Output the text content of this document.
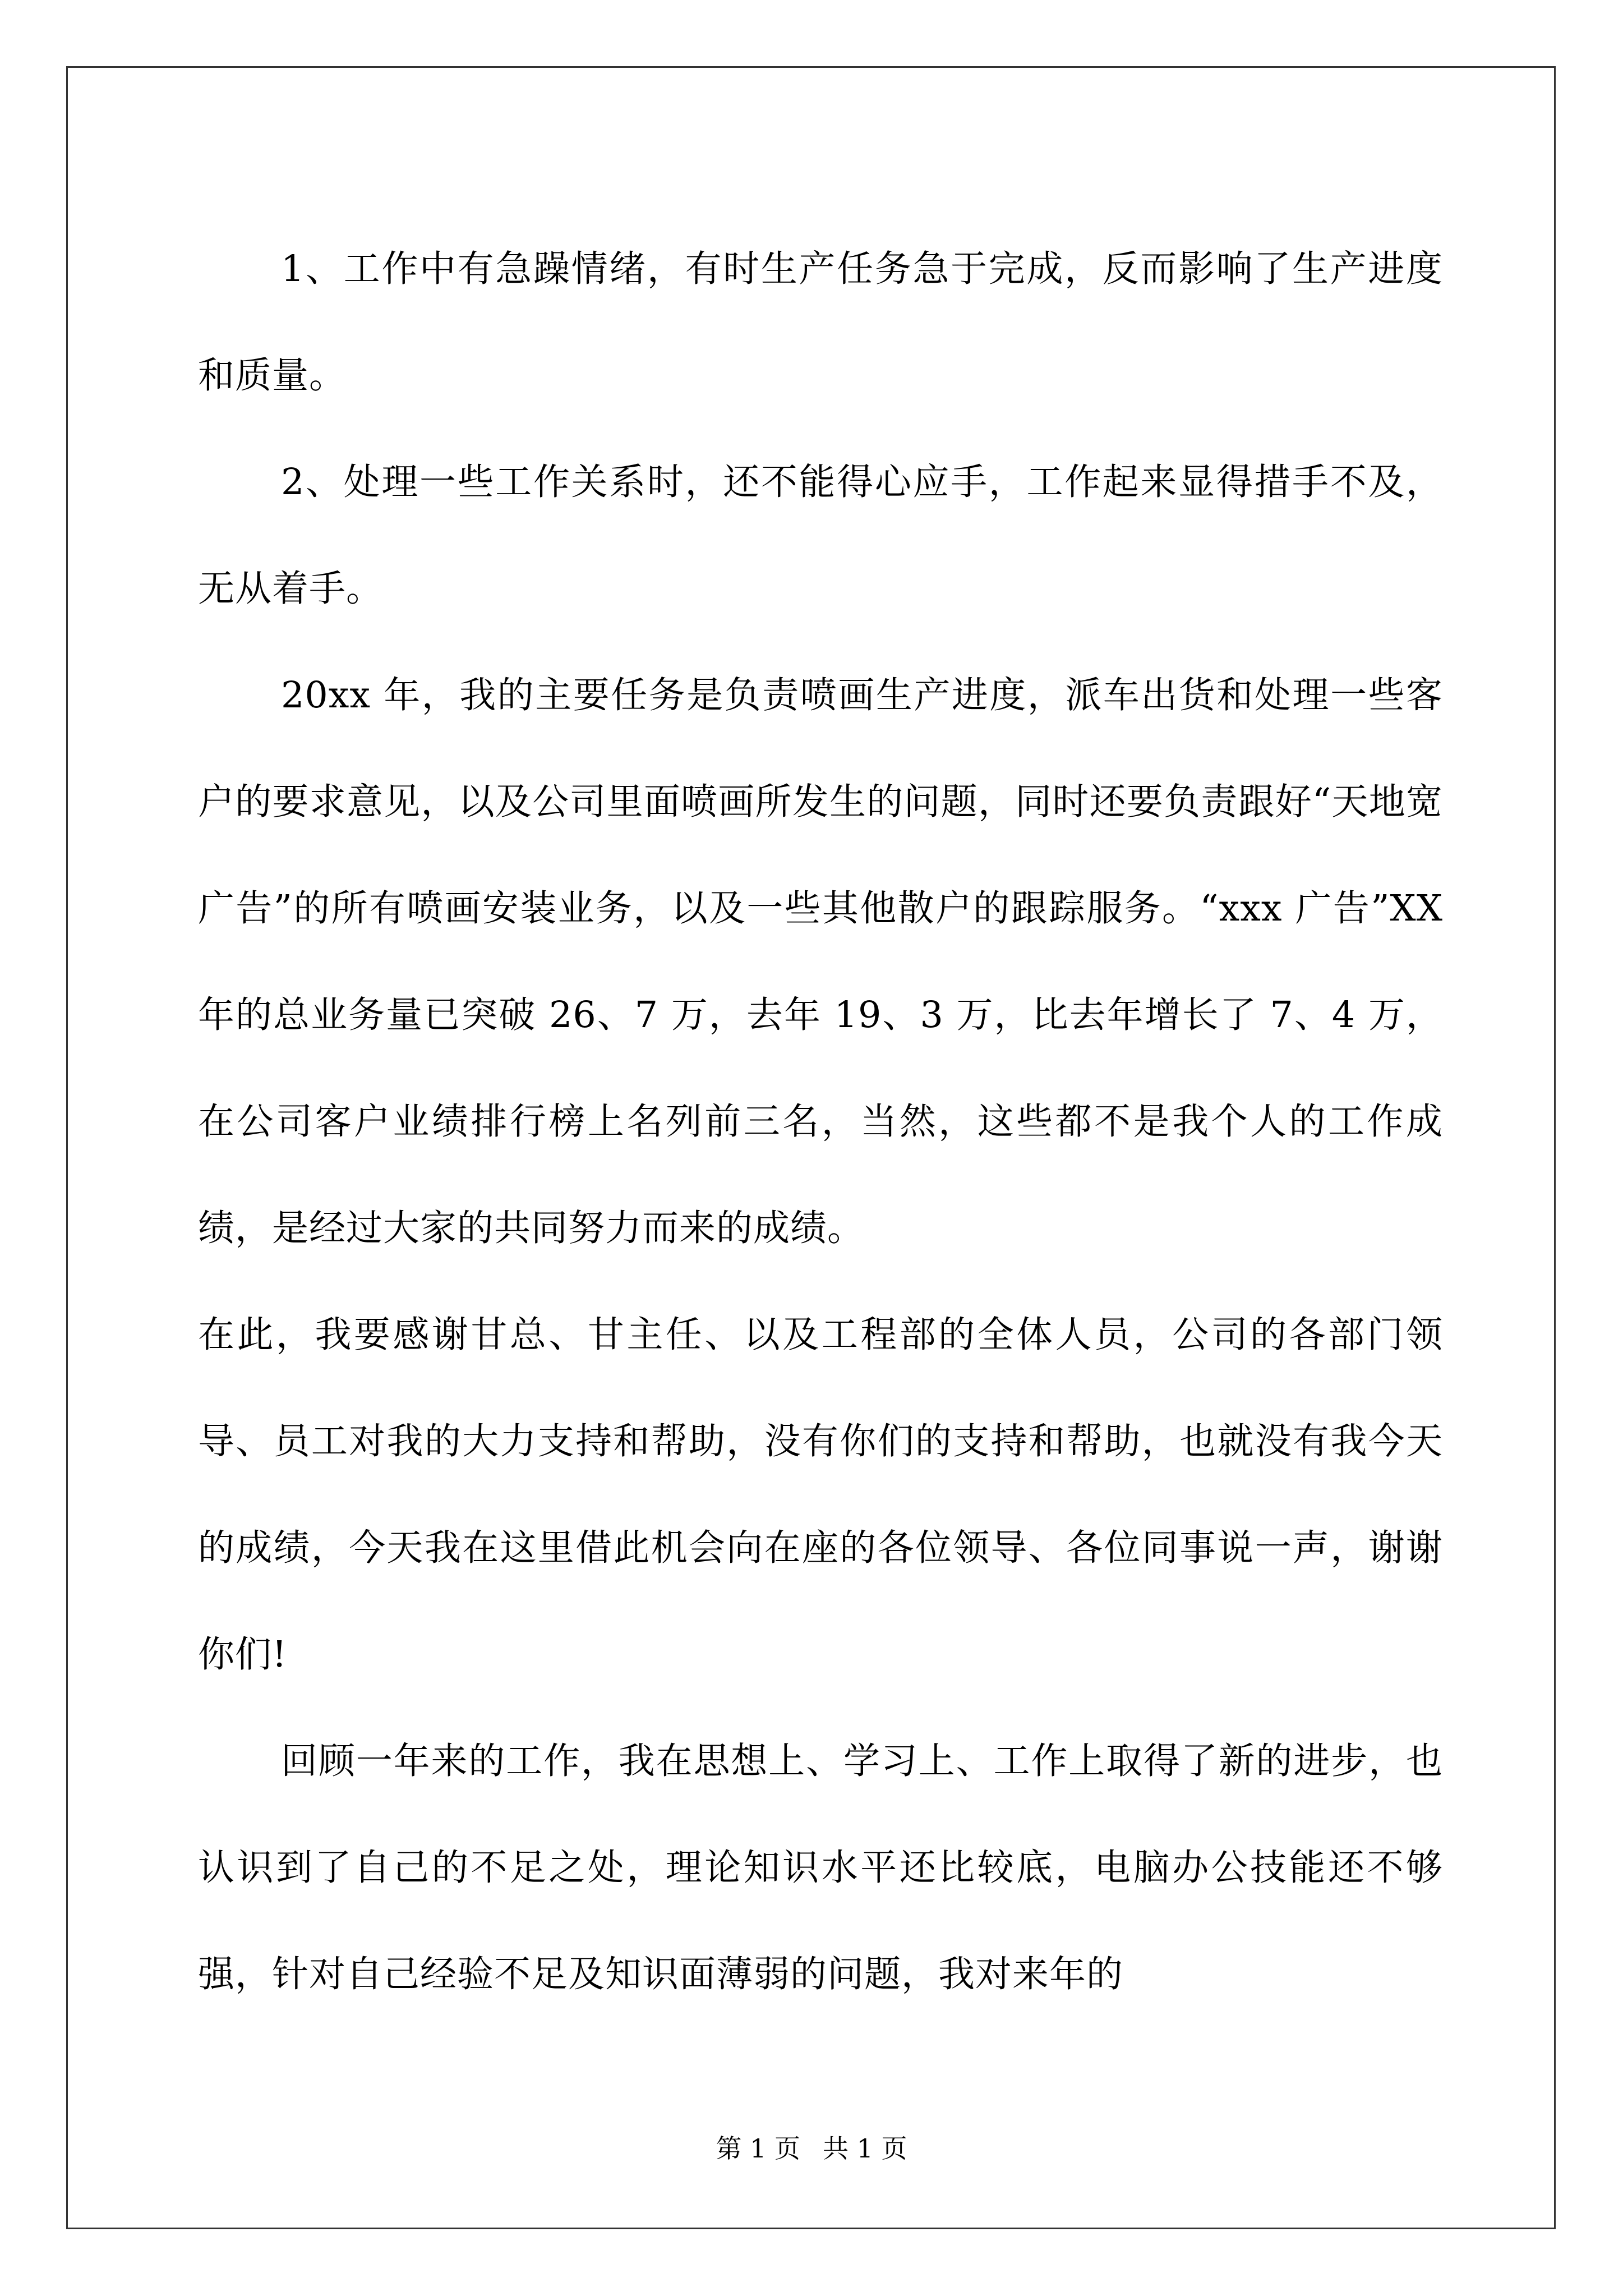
1、工作中有急躁情绪，有时生产任务急于完成，反而影响了生产进度和质量。

2、处理一些工作关系时，还不能得心应手，工作起来显得措手不及，无从着手。

20xx 年，我的主要任务是负责喷画生产进度，派车出货和处理一些客户的要求意见，以及公司里面喷画所发生的问题，同时还要负责跟好“天地宽广告”的所有喷画安装业务，以及一些其他散户的跟踪服务。“xxx 广告”XX 年的总业务量已突破 26、7 万，去年 19、3 万，比去年增长了 7、4 万，在公司客户业绩排行榜上名列前三名，当然，这些都不是我个人的工作成绩，是经过大家的共同努力而来的成绩。

在此，我要感谢甘总、甘主任、以及工程部的全体人员，公司的各部门领导、员工对我的大力支持和帮助，没有你们的支持和帮助，也就没有我今天的成绩，今天我在这里借此机会向在座的各位领导、各位同事说一声，谢谢你们!

回顾一年来的工作，我在思想上、学习上、工作上取得了新的进步，也认识到了自己的不足之处，理论知识水平还比较底，电脑办公技能还不够强，针对自己经验不足及知识面薄弱的问题，我对来年的

第 1 页 共 1 页
